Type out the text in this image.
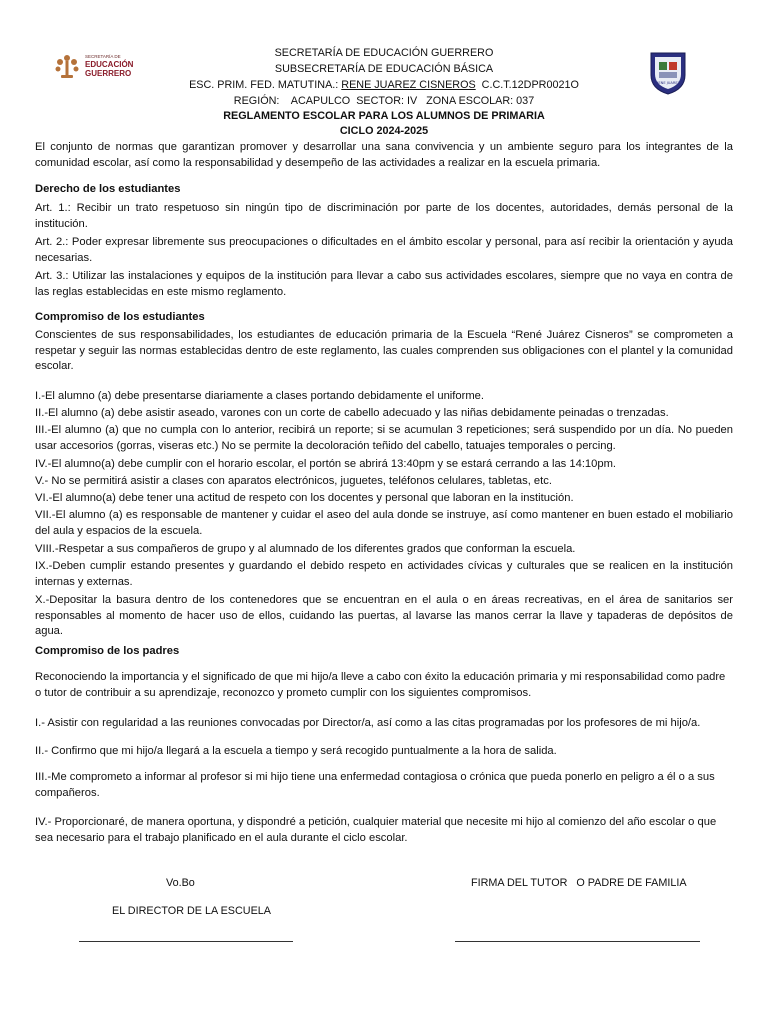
SECRETARÍA DE
EDUCACIÓN
GUERRERO
RENE JUAREZ
SECRETARÍA DE EDUCACIÓN GUERRERO
SUBSECRETARÍA DE EDUCACIÓN BÁSICA
ESC. PRIM. FED. MATUTINA.: RENE JUAREZ CISNEROS  C.C.T.12DPR0021O
REGIÓN:    ACAPULCO  SECTOR: IV   ZONA ESCOLAR: 037
REGLAMENTO ESCOLAR PARA LOS ALUMNOS DE PRIMARIA
CICLO 2024-2025
El conjunto de normas que garantizan promover y desarrollar una sana convivencia y un ambiente seguro para los integrantes de la comunidad escolar, así como la responsabilidad y desempeño de las actividades a realizar en la escuela primaria.
Derecho de los estudiantes
Art. 1.: Recibir un trato respetuoso sin ningún tipo de discriminación por parte de los docentes, autoridades, demás personal de la institución.
Art. 2.: Poder expresar libremente sus preocupaciones o dificultades en el ámbito escolar y personal, para así recibir la orientación y ayuda necesarias.
Art. 3.: Utilizar las instalaciones y equipos de la institución para llevar a cabo sus actividades escolares, siempre que no vaya en contra de las reglas establecidas en este mismo reglamento.
Compromiso de los estudiantes
Conscientes de sus responsabilidades, los estudiantes de educación primaria de la Escuela “René Juárez Cisneros” se comprometen a respetar y seguir las normas establecidas dentro de este reglamento, las cuales comprenden sus obligaciones con el plantel y la comunidad escolar.
I.-El alumno (a) debe presentarse diariamente a clases portando debidamente el uniforme.
II.-El alumno (a) debe asistir aseado, varones con un corte de cabello adecuado y las niñas debidamente peinadas o trenzadas.
III.-El alumno (a) que no cumpla con lo anterior, recibirá un reporte; si se acumulan 3 repeticiones; será suspendido por un día. No pueden usar accesorios (gorras, viseras etc.) No se permite la decoloración teñido del cabello, tatuajes temporales o percing.
IV.-El alumno(a) debe cumplir con el horario escolar, el portón se abrirá 13:40pm y se estará cerrando a las 14:10pm.
V.- No se permitirá asistir a clases con aparatos electrónicos, juguetes, teléfonos celulares, tabletas, etc.
VI.-El alumno(a) debe tener una actitud de respeto con los docentes y personal que laboran en la institución.
VII.-El alumno (a) es responsable de mantener y cuidar el aseo del aula donde se instruye, así como mantener en buen estado el mobiliario del aula y espacios de la escuela.
VIII.-Respetar a sus compañeros de grupo y al alumnado de los diferentes grados que conforman la escuela.
IX.-Deben cumplir estando presentes y guardando el debido respeto en actividades cívicas y culturales que se realicen en la institución internas y externas.
X.-Depositar la basura dentro de los contenedores que se encuentran en el aula o en áreas recreativas, en el área de sanitarios ser responsables al momento de hacer uso de ellos, cuidando las puertas, al lavarse las manos cerrar la llave y tapaderas de depósitos de agua.
Compromiso de los padres
Reconociendo la importancia y el significado de que mi hijo/a lleve a cabo con éxito la educación primaria y mi responsabilidad como padre o tutor de contribuir a su aprendizaje, reconozco y prometo cumplir con los siguientes compromisos.
I.- Asistir con regularidad a las reuniones convocadas por Director/a, así como a las citas programadas por los profesores de mi hijo/a.
II.- Confirmo que mi hijo/a llegará a la escuela a tiempo y será recogido puntualmente a la hora de salida.
III.-Me comprometo a informar al profesor si mi hijo tiene una enfermedad contagiosa o crónica que pueda ponerlo en peligro a él o a sus compañeros.
IV.- Proporcionaré, de manera oportuna, y dispondré a petición, cualquier material que necesite mi hijo al comienzo del año escolar o que sea necesario para el trabajo planificado en el aula durante el ciclo escolar.
Vo.Bo	FIRMA DEL TUTOR   O PADRE DE FAMILIA
EL DIRECTOR DE LA ESCUELA
